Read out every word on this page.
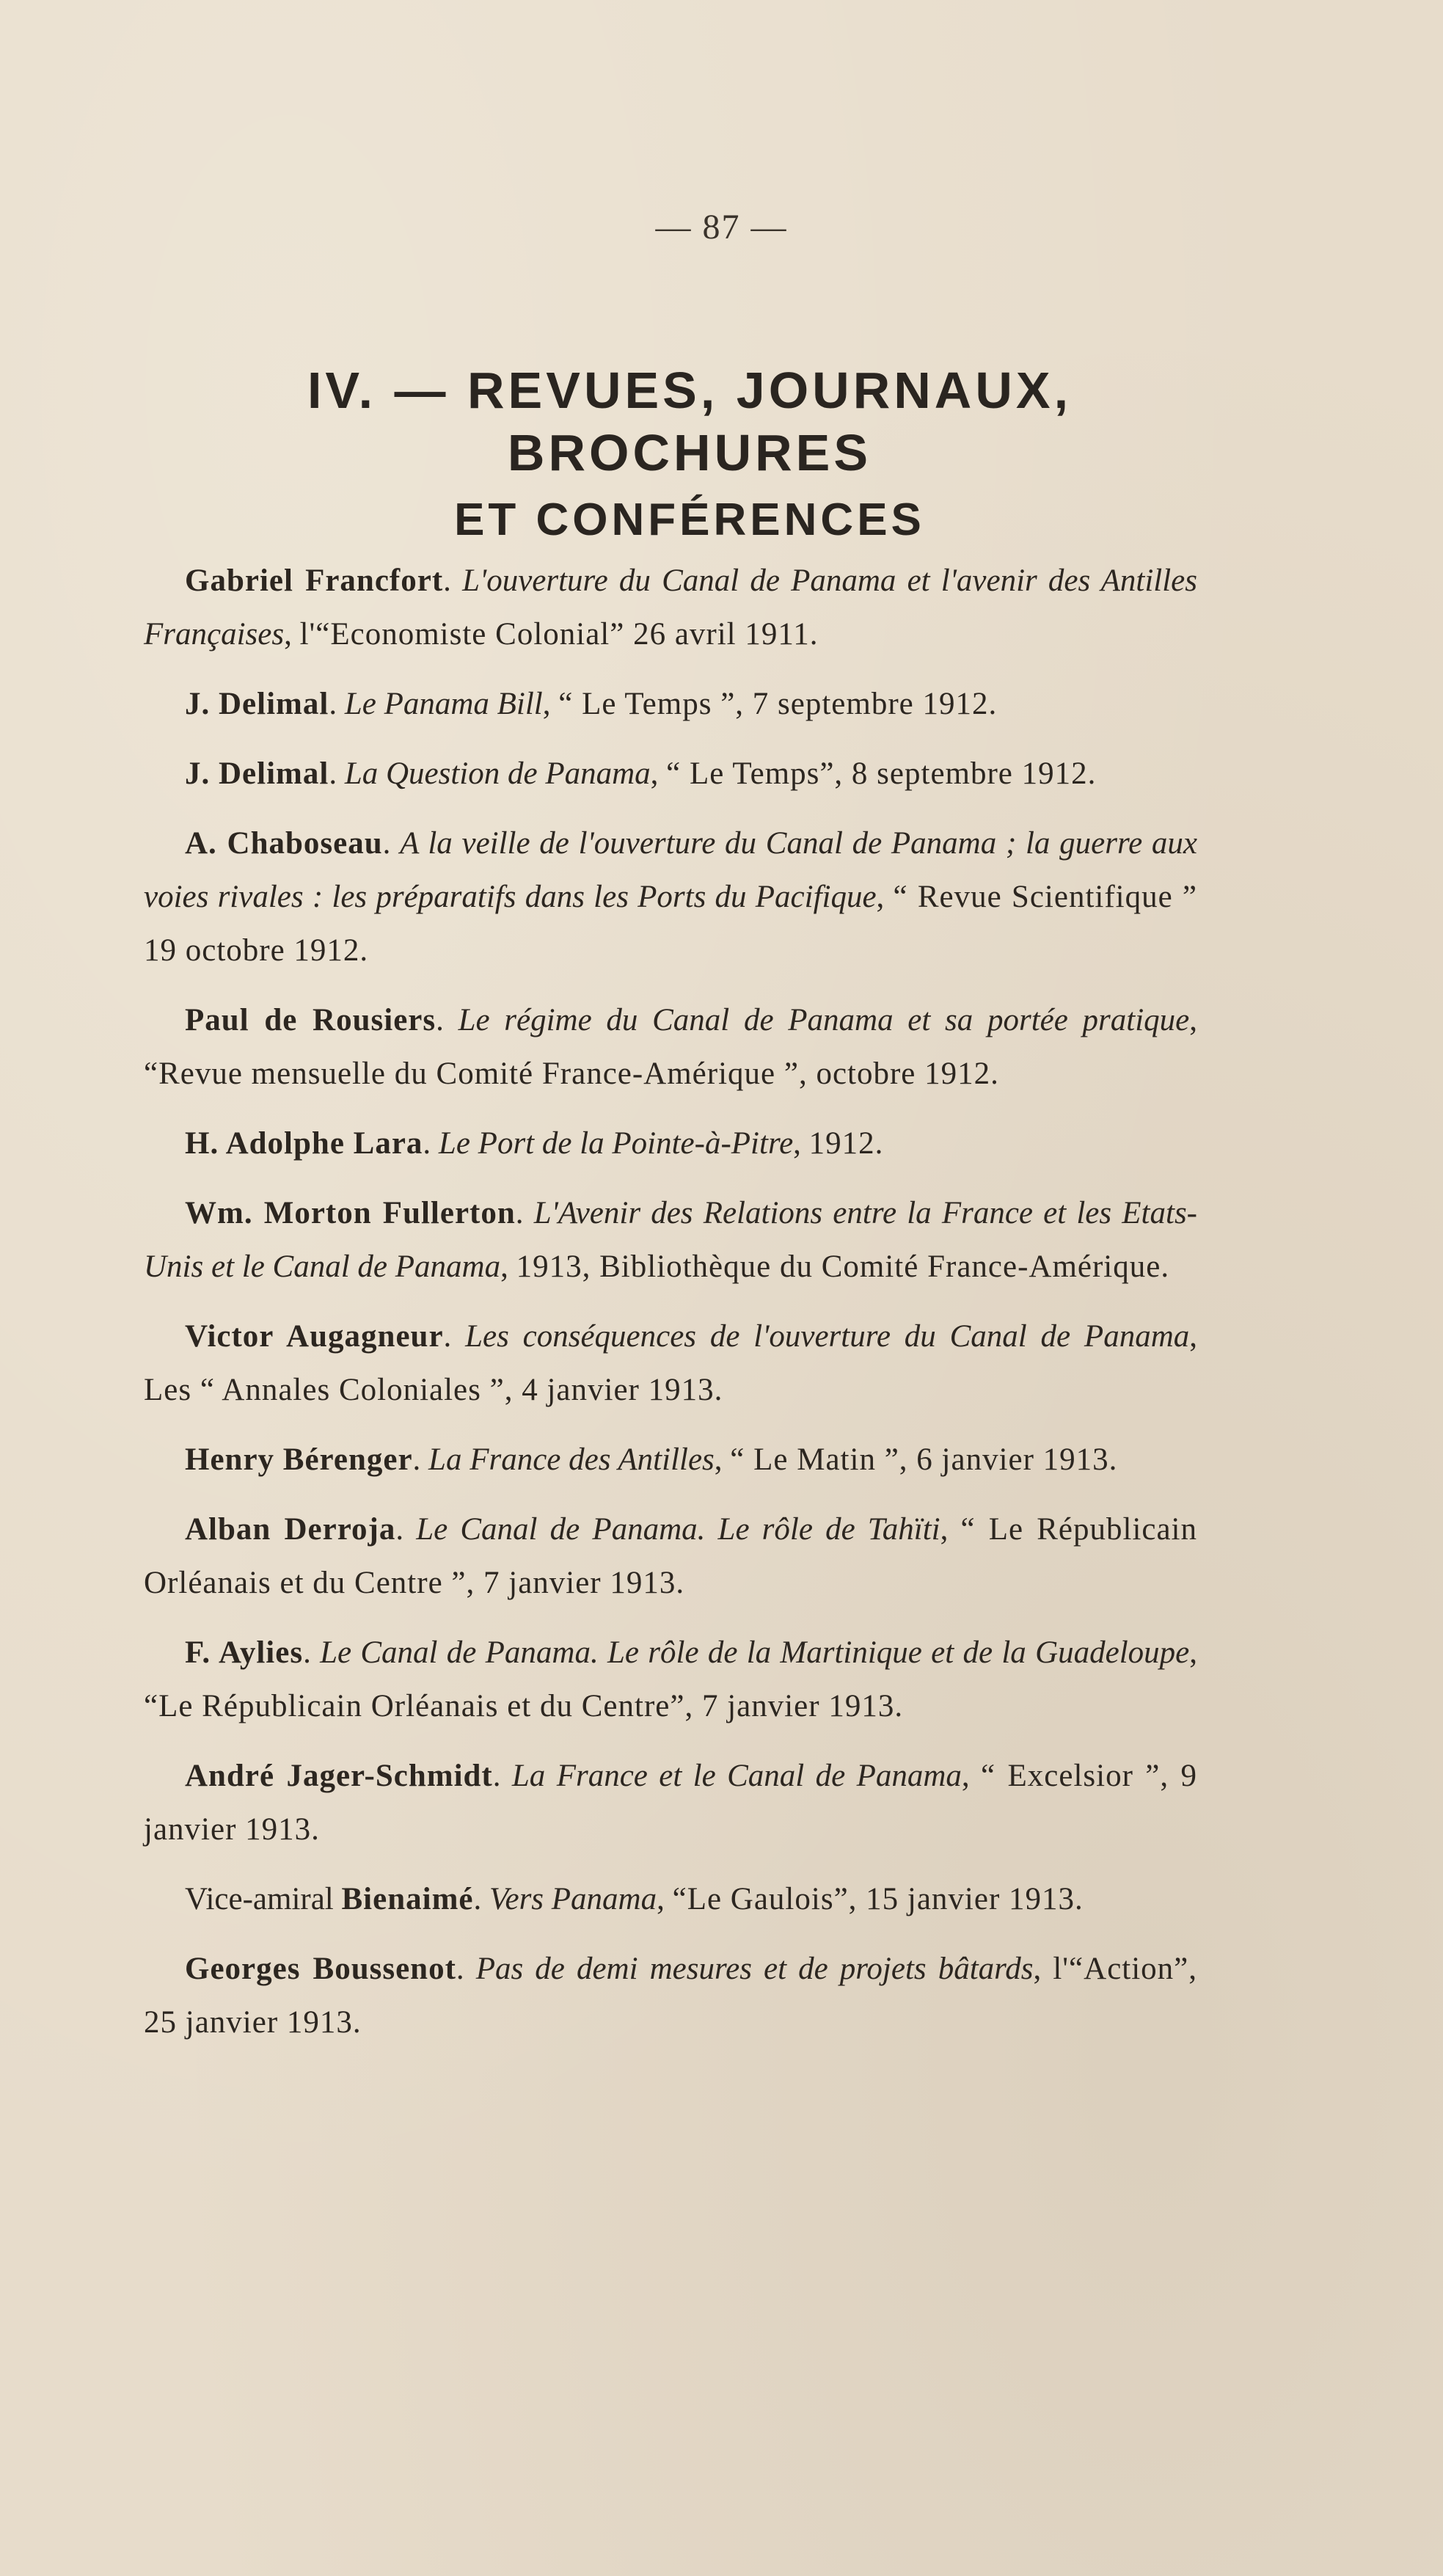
— 87 —
IV. — REVUES, JOURNAUX, BROCHURES
ET CONFÉRENCES

Gabriel Francfort. L'ouverture du Canal de Panama et l'avenir des Antilles Françaises, l'“Economiste Colonial” 26 avril 1911.

J. Delimal. Le Panama Bill, “ Le Temps ”, 7 septembre 1912.

J. Delimal. La Question de Panama, “ Le Temps”, 8 septembre 1912.

A. Chaboseau. A la veille de l'ouverture du Canal de Panama ; la guerre aux voies rivales : les préparatifs dans les Ports du Pacifique, “ Revue Scientifique ” 19 octobre 1912.

Paul de Rousiers. Le régime du Canal de Panama et sa portée pratique, “Revue mensuelle du Comité France-Amérique ”, octobre 1912.

H. Adolphe Lara. Le Port de la Pointe-à-Pitre, 1912.

Wm. Morton Fullerton. L'Avenir des Relations entre la France et les Etats-Unis et le Canal de Panama, 1913, Bibliothèque du Comité France-Amérique.

Victor Augagneur. Les conséquences de l'ouverture du Canal de Panama, Les “ Annales Coloniales ”, 4 janvier 1913.

Henry Bérenger. La France des Antilles, “ Le Matin ”, 6 janvier 1913.

Alban Derroja. Le Canal de Panama. Le rôle de Tahïti, “ Le Républicain Orléanais et du Centre ”, 7 janvier 1913.

F. Aylies. Le Canal de Panama. Le rôle de la Martinique et de la Guadeloupe, “Le Républicain Orléanais et du Centre”, 7 janvier 1913.

André Jager-Schmidt. La France et le Canal de Panama, “ Excelsior ”, 9 janvier 1913.

Vice-amiral Bienaimé. Vers Panama, “Le Gaulois”, 15 janvier 1913.

Georges Boussenot. Pas de demi mesures et de projets bâtards, l'“Action”, 25 janvier 1913.
